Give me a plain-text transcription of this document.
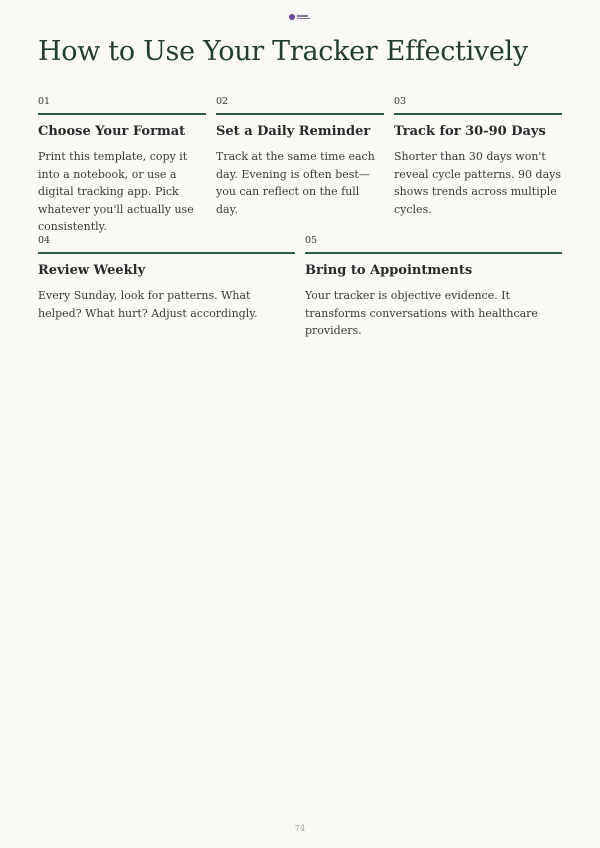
How to Use Your Tracker Effectively
01
Choose Your Format

Print this template, copy it into a notebook, or use a digital tracking app. Pick whatever you'll actually use consistently.

02
Set a Daily Reminder

Track at the same time each day. Evening is often best—you can reflect on the full day.

03
Track for 30-90 Days

Shorter than 30 days won't reveal cycle patterns. 90 days shows trends across multiple cycles.

04
Review Weekly

Every Sunday, look for patterns. What helped? What hurt? Adjust accordingly.

05
Bring to Appointments

Your tracker is objective evidence. It transforms conversations with healthcare providers.

74
